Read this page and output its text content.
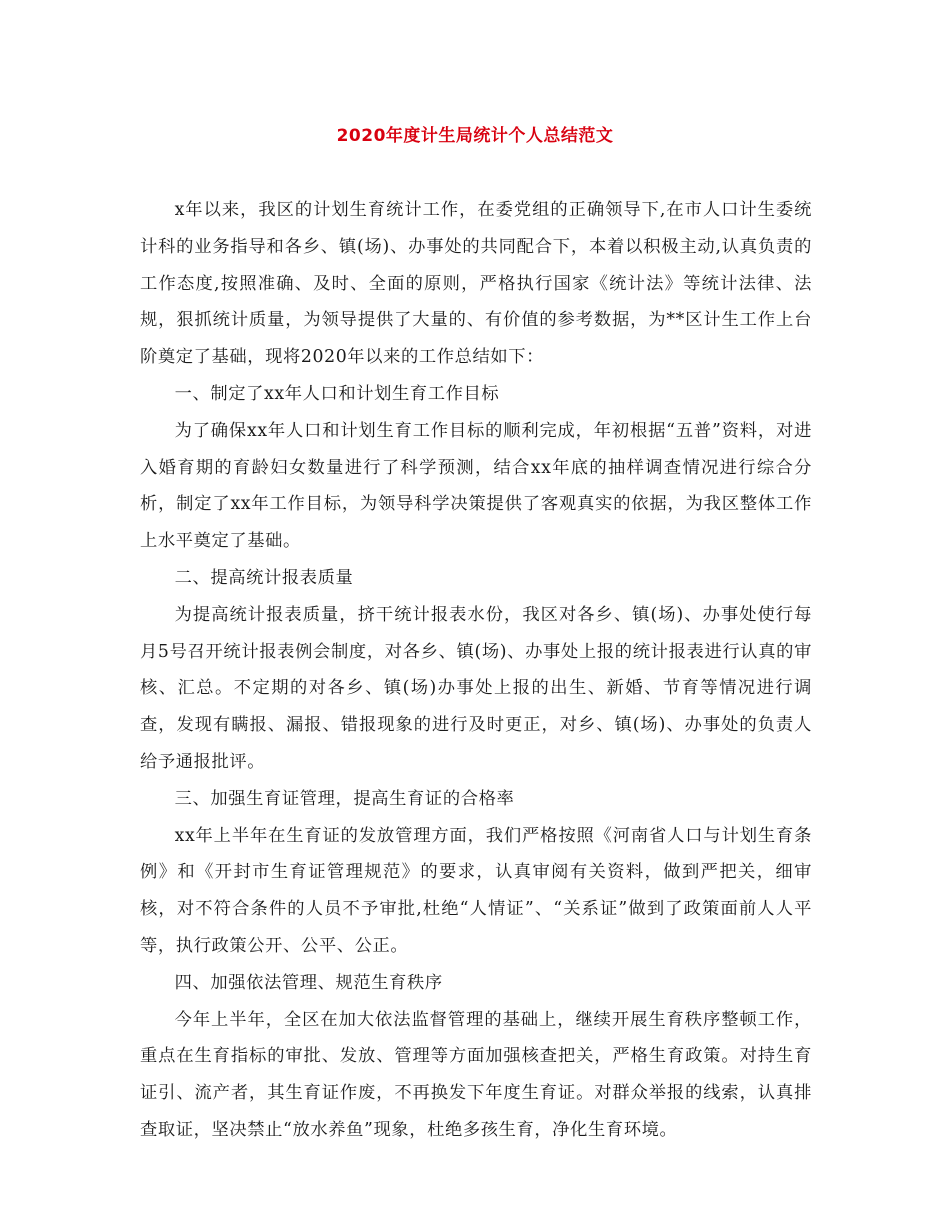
2020年度计生局统计个人总结范文

x年以来，我区的计划生育统计工作，在委党组的正确领导下,在市人口计生委统计科的业务指导和各乡、镇(场)、办事处的共同配合下，本着以积极主动,认真负责的工作态度,按照准确、及时、全面的原则，严格执行国家《统计法》等统计法律、法规，狠抓统计质量，为领导提供了大量的、有价值的参考数据，为**区计生工作上台阶奠定了基础，现将2020年以来的工作总结如下：

一、制定了xx年人口和计划生育工作目标

为了确保xx年人口和计划生育工作目标的顺利完成，年初根据“五普”资料，对进入婚育期的育龄妇女数量进行了科学预测，结合xx年底的抽样调查情况进行综合分析，制定了xx年工作目标，为领导科学决策提供了客观真实的依据，为我区整体工作上水平奠定了基础。

二、提高统计报表质量

为提高统计报表质量，挤干统计报表水份，我区对各乡、镇(场)、办事处使行每月5号召开统计报表例会制度，对各乡、镇(场)、办事处上报的统计报表进行认真的审核、汇总。不定期的对各乡、镇(场)办事处上报的出生、新婚、节育等情况进行调查，发现有瞒报、漏报、错报现象的进行及时更正，对乡、镇(场)、办事处的负责人给予通报批评。

三、加强生育证管理，提高生育证的合格率

xx年上半年在生育证的发放管理方面，我们严格按照《河南省人口与计划生育条例》和《开封市生育证管理规范》的要求，认真审阅有关资料，做到严把关，细审核，对不符合条件的人员不予审批,杜绝“人情证”、“关系证”做到了政策面前人人平等，执行政策公开、公平、公正。

四、加强依法管理、规范生育秩序

今年上半年，全区在加大依法监督管理的基础上，继续开展生育秩序整顿工作，重点在生育指标的审批、发放、管理等方面加强核查把关，严格生育政策。对持生育证引、流产者，其生育证作废，不再换发下年度生育证。对群众举报的线索，认真排查取证，坚决禁止“放水养鱼”现象，杜绝多孩生育，净化生育环境。
